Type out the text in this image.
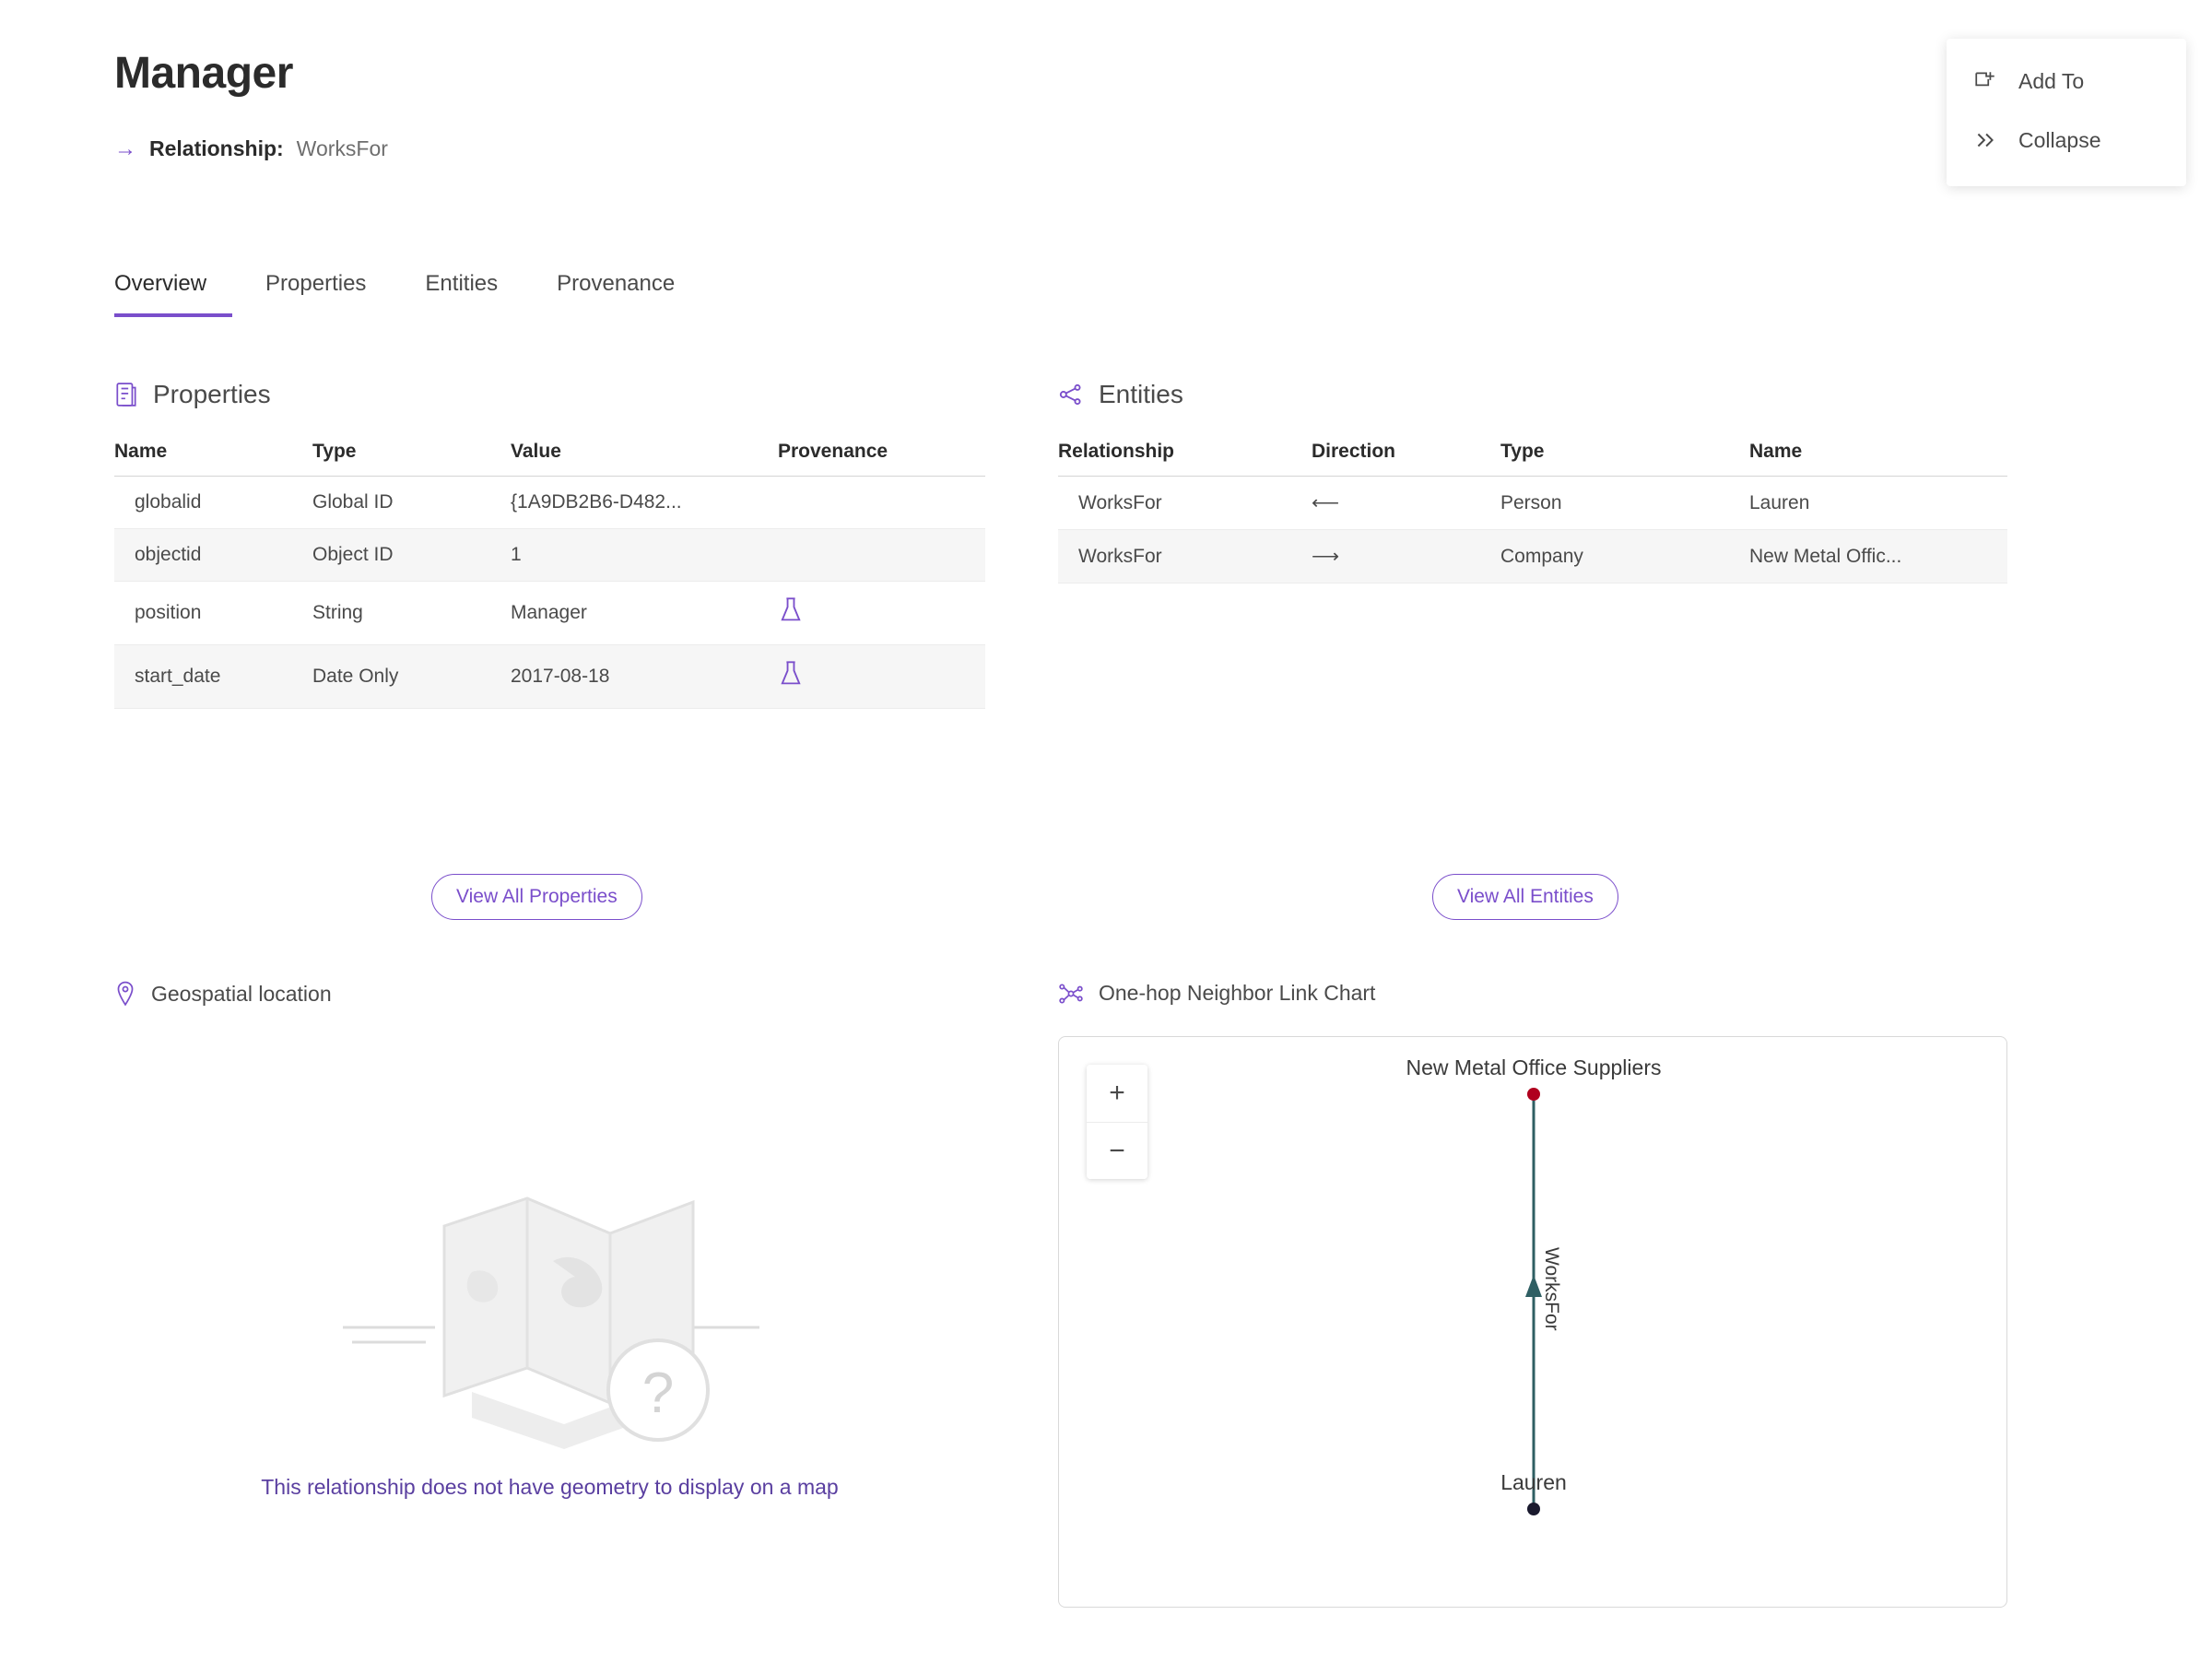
Manager
→ Relationship: WorksFor
Add To
Collapse
Overview	Properties	Entities	Provenance
Properties
Name	Type	Value	Provenance
globalid	Global ID	{1A9DB2B6-D482...	
objectid	Object ID	1	
position	String	Manager	
start_date	Date Only	2017-08-18	
Entities
Relationship	Direction	Type	Name
WorksFor	⟵	Person	Lauren
WorksFor	⟶	Company	New Metal Offic...
View All Properties	View All Entities
Geospatial location
?
This relationship does not have geometry to display on a map
One-hop Neighbor Link Chart
+
−
New Metal Office Suppliers
WorksFor
Lauren
